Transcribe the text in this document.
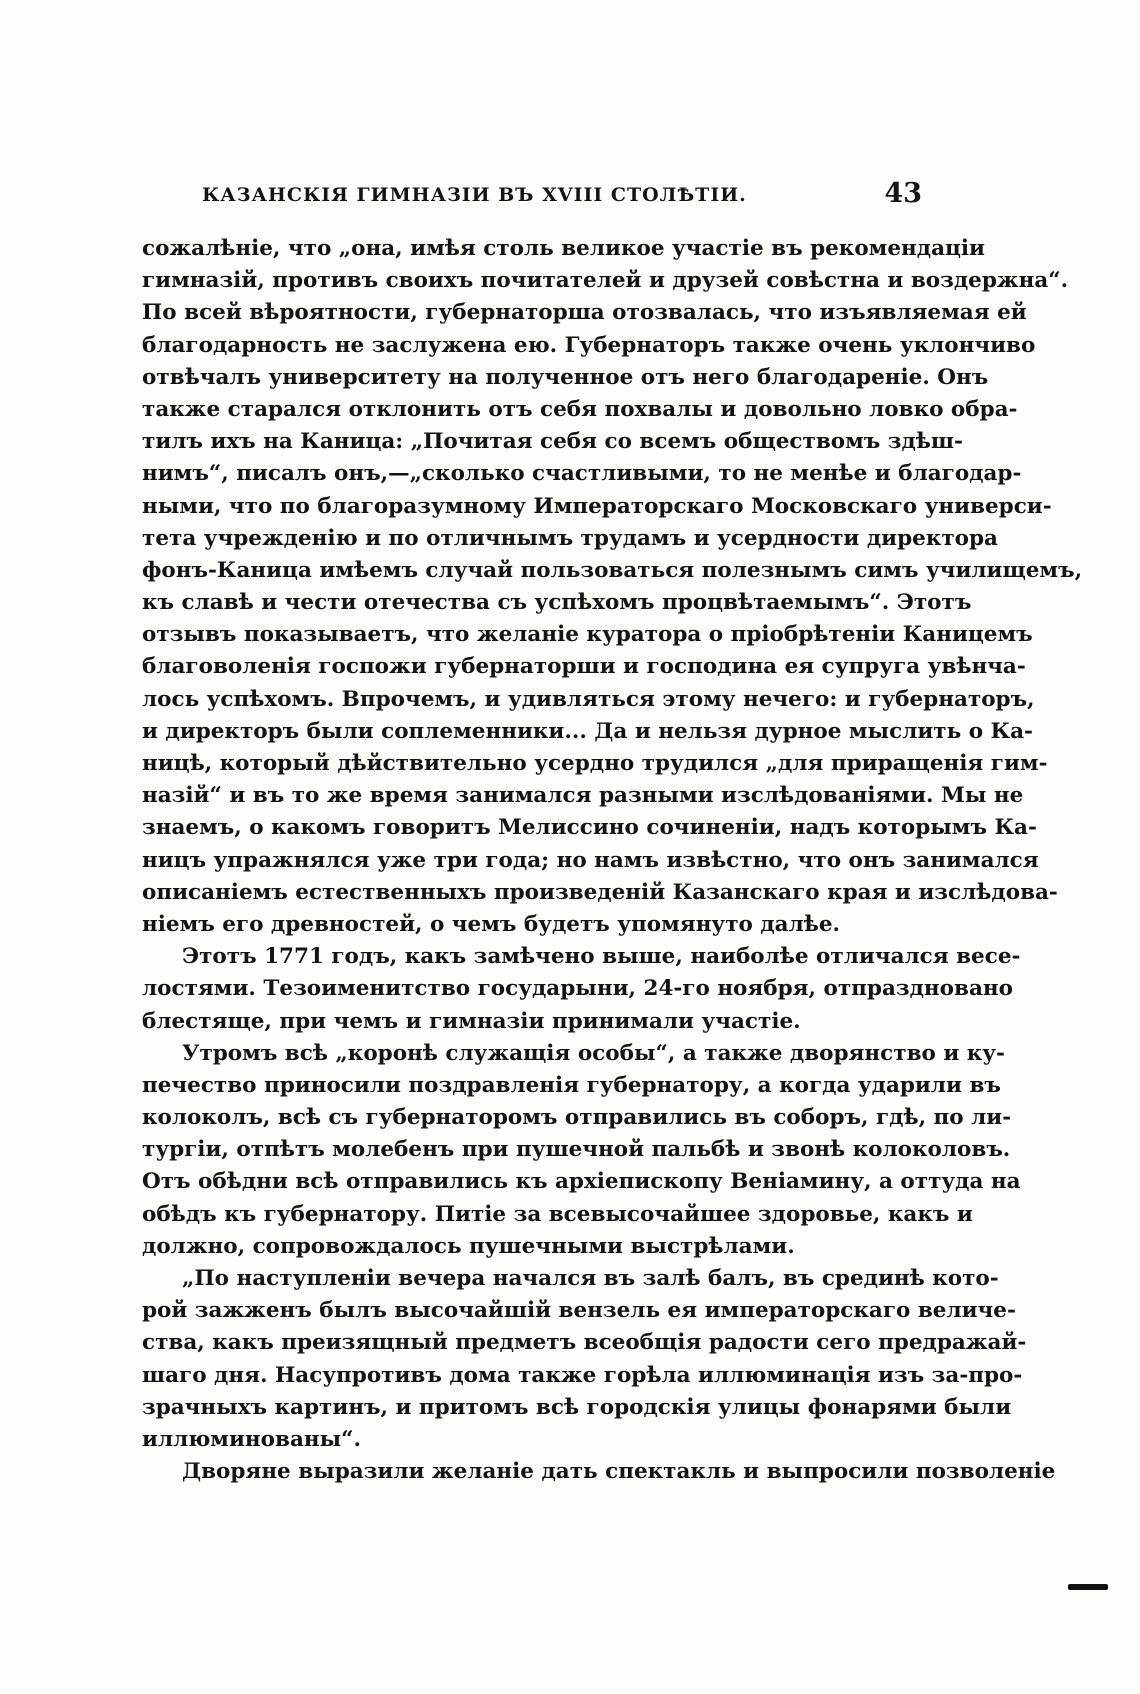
КАЗАНСКІЯ ГИМНАЗІИ ВЪ XVIII СТОЛѢТІИ.	43
сожалѣніе, что „она, имѣя столь великое участіе въ рекомендаціи
гимназій, противъ своихъ почитателей и друзей совѣстна и воздержна“.
По всей вѣроятности, губернаторша отозвалась, что изъявляемая ей
благодарность не заслужена ею. Губернаторъ также очень уклончиво
отвѣчалъ университету на полученное отъ него благодареніе. Онъ
также старался отклонить отъ себя похвалы и довольно ловко обра-
тилъ ихъ на Каница: „Почитая себя со всемъ обществомъ здѣш-
нимъ“, писалъ онъ,—„сколько счастливыми, то не менѣе и благодар-
ными, что по благоразумному Императорскаго Московскаго универси-
тета учрежденію и по отличнымъ трудамъ и усердности директора
фонъ-Каница имѣемъ случай пользоваться полезнымъ симъ училищемъ,
къ славѣ и чести отечества съ успѣхомъ процвѣтаемымъ“. Этотъ
отзывъ показываетъ, что желаніе куратора о пріобрѣтеніи Каницемъ
благоволенія госпожи губернаторши и господина ея супруга увѣнча-
лось успѣхомъ. Впрочемъ, и удивляться этому нечего: и губернаторъ,
и директоръ были соплеменники... Да и нельзя дурное мыслить о Ка-
ницѣ, который дѣйствительно усердно трудился „для приращенія гим-
назій“ и въ то же время занимался разными изслѣдованіями. Мы не
знаемъ, о какомъ говоритъ Мелиссино сочиненіи, надъ которымъ Ка-
ницъ упражнялся уже три года; но намъ извѣстно, что онъ занимался
описаніемъ естественныхъ произведеній Казанскаго края и изслѣдова-
ніемъ его древностей, о чемъ будетъ упомянуто далѣе.
Этотъ 1771 годъ, какъ замѣчено выше, наиболѣе отличался весе-
лостями. Тезоименитство государыни, 24-го ноября, отпраздновано
блестяще, при чемъ и гимназіи принимали участіе.
Утромъ всѣ „коронѣ служащія особы“, а также дворянство и ку-
печество приносили поздравленія губернатору, а когда ударили въ
колоколъ, всѣ съ губернаторомъ отправились въ соборъ, гдѣ, по ли-
тургіи, отпѣтъ молебенъ при пушечной пальбѣ и звонѣ колоколовъ.
Отъ обѣдни всѣ отправились къ архіепископу Веніамину, а оттуда на
обѣдъ къ губернатору. Питіе за всевысочайшее здоровье, какъ и
должно, сопровождалось пушечными выстрѣлами.
„По наступленіи вечера начался въ залѣ балъ, въ срединѣ кото-
рой зажженъ былъ высочайшій вензель ея императорскаго величе-
ства, какъ преизящный предметъ всеобщія радости сего предражай-
шаго дня. Насупротивъ дома также горѣла иллюминація изъ за-про-
зрачныхъ картинъ, и притомъ всѣ городскія улицы фонарями были
иллюминованы“.
Дворяне выразили желаніе дать спектакль и выпросили позволеніе
